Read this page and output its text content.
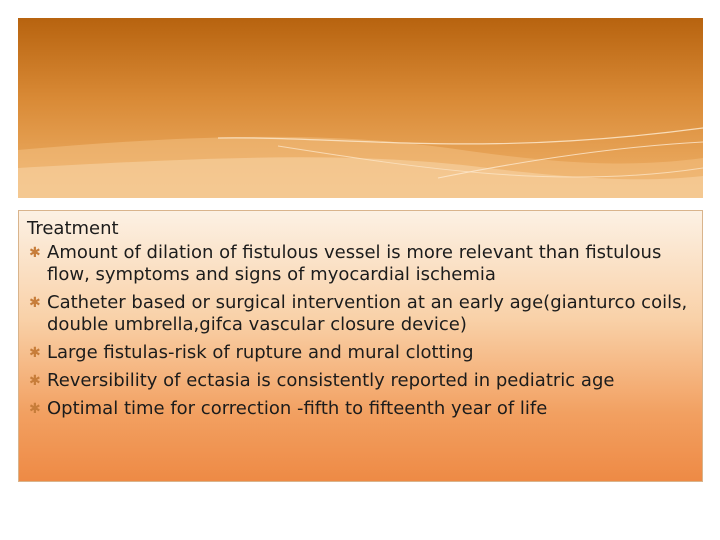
Treatment

✱ Amount of dilation of fistulous vessel is more relevant than fistulous flow, symptoms and signs of myocardial ischemia
✱ Catheter based or surgical intervention at an early age(gianturco coils, double umbrella,gifca vascular closure device)
✱ Large fistulas-risk of rupture and mural clotting
✱ Reversibility of ectasia is consistently reported in pediatric age
✱ Optimal time for correction -fifth to fifteenth year of life
